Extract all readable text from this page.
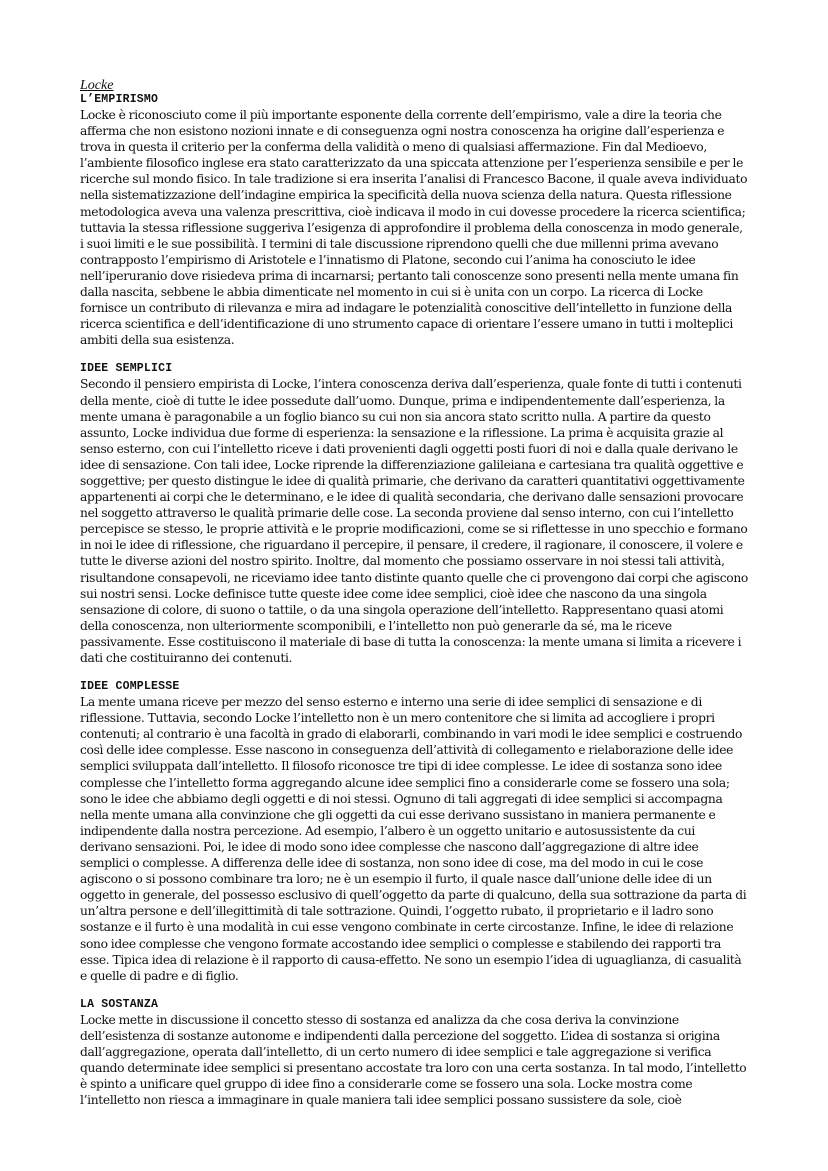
Locke

L’EMPIRISMO

Locke è riconosciuto come il più importante esponente della corrente dell’empirismo, vale a dire la teoria che afferma che non esistono nozioni innate e di conseguenza ogni nostra conoscenza ha origine dall’esperienza e trova in questa il criterio per la conferma della validità o meno di qualsiasi affermazione. Fin dal Medioevo, l’ambiente filosofico inglese era stato caratterizzato da una spiccata attenzione per l’esperienza sensibile e per le ricerche sul mondo fisico. In tale tradizione si era inserita l’analisi di Francesco Bacone, il quale aveva individuato nella sistematizzazione dell’indagine empirica la specificità della nuova scienza della natura. Questa riflessione metodologica aveva una valenza prescrittiva, cioè indicava il modo in cui dovesse procedere la ricerca scientifica; tuttavia la stessa riflessione suggeriva l’esigenza di approfondire il problema della conoscenza in modo generale, i suoi limiti e le sue possibilità. I termini di tale discussione riprendono quelli che due millenni prima avevano contrapposto l’empirismo di Aristotele e l’innatismo di Platone, secondo cui l’anima ha conosciuto le idee nell’iperuranio dove risiedeva prima di incarnarsi; pertanto tali conoscenze sono presenti nella mente umana fin dalla nascita, sebbene le abbia dimenticate nel momento in cui si è unita con un corpo. La ricerca di Locke fornisce un contributo di rilevanza e mira ad indagare le potenzialità conoscitive dell’intelletto in funzione della ricerca scientifica e dell’identificazione di uno strumento capace di orientare l’essere umano in tutti i molteplici ambiti della sua esistenza.

IDEE SEMPLICI

Secondo il pensiero empirista di Locke, l’intera conoscenza deriva dall’esperienza, quale fonte di tutti i contenuti della mente, cioè di tutte le idee possedute dall’uomo. Dunque, prima e indipendentemente dall’esperienza, la mente umana è paragonabile a un foglio bianco su cui non sia ancora stato scritto nulla. A partire da questo assunto, Locke individua due forme di esperienza: la sensazione e la riflessione. La prima è acquisita grazie al senso esterno, con cui l’intelletto riceve i dati provenienti dagli oggetti posti fuori di noi e dalla quale derivano le idee di sensazione. Con tali idee, Locke riprende la differenziazione galileiana e cartesiana tra qualità oggettive e soggettive; per questo distingue le idee di qualità primarie, che derivano da caratteri quantitativi oggettivamente appartenenti ai corpi che le determinano, e le idee di qualità secondaria, che derivano dalle sensazioni provocare nel soggetto attraverso le qualità primarie delle cose. La seconda proviene dal senso interno, con cui l’intelletto percepisce se stesso, le proprie attività e le proprie modificazioni, come se si riflettesse in uno specchio e formano in noi le idee di riflessione, che riguardano il percepire, il pensare, il credere, il ragionare, il conoscere, il volere e tutte le diverse azioni del nostro spirito. Inoltre, dal momento che possiamo osservare in noi stessi tali attività, risultandone consapevoli, ne riceviamo idee tanto distinte quanto quelle che ci provengono dai corpi che agiscono sui nostri sensi. Locke definisce tutte queste idee come idee semplici, cioè idee che nascono da una singola sensazione di colore, di suono o tattile, o da una singola operazione dell’intelletto. Rappresentano quasi atomi della conoscenza, non ulteriormente scomponibili, e l’intelletto non può generarle da sé, ma le riceve passivamente. Esse costituiscono il materiale di base di tutta la conoscenza: la mente umana si limita a ricevere i dati che costituiranno dei contenuti.

IDEE COMPLESSE

La mente umana riceve per mezzo del senso esterno e interno una serie di idee semplici di sensazione e di riflessione. Tuttavia, secondo Locke l’intelletto non è un mero contenitore che si limita ad accogliere i propri contenuti; al contrario è una facoltà in grado di elaborarli, combinando in vari modi le idee semplici e costruendo così delle idee complesse. Esse nascono in conseguenza dell’attività di collegamento e rielaborazione delle idee semplici sviluppata dall’intelletto. Il filosofo riconosce tre tipi di idee complesse. Le idee di sostanza sono idee complesse che l’intelletto forma aggregando alcune idee semplici fino a considerarle come se fossero una sola; sono le idee che abbiamo degli oggetti e di noi stessi. Ognuno di tali aggregati di idee semplici si accompagna nella mente umana alla convinzione che gli oggetti da cui esse derivano sussistano in maniera permanente e indipendente dalla nostra percezione. Ad esempio, l’albero è un oggetto unitario e autosussistente da cui derivano sensazioni. Poi, le idee di modo sono idee complesse che nascono dall’aggregazione di altre idee semplici o complesse. A differenza delle idee di sostanza, non sono idee di cose, ma del modo in cui le cose agiscono o si possono combinare tra loro; ne è un esempio il furto, il quale nasce dall’unione delle idee di un oggetto in generale, del possesso esclusivo di quell’oggetto da parte di qualcuno, della sua sottrazione da parta di un’altra persone e dell’illegittimità di tale sottrazione. Quindi, l’oggetto rubato, il proprietario e il ladro sono sostanze e il furto è una modalità in cui esse vengono combinate in certe circostanze. Infine, le idee di relazione sono idee complesse che vengono formate accostando idee semplici o complesse e stabilendo dei rapporti tra esse. Tipica idea di relazione è il rapporto di causa-effetto. Ne sono un esempio l’idea di uguaglianza, di casualità e quelle di padre e di figlio.

LA SOSTANZA

Locke mette in discussione il concetto stesso di sostanza ed analizza da che cosa deriva la convinzione dell’esistenza di sostanze autonome e indipendenti dalla percezione del soggetto. L’idea di sostanza si origina dall’aggregazione, operata dall’intelletto, di un certo numero di idee semplici e tale aggregazione si verifica quando determinate idee semplici si presentano accostate tra loro con una certa sostanza. In tal modo, l’intelletto è spinto a unificare quel gruppo di idee fino a considerarle come se fossero una sola. Locke mostra come l’intelletto non riesca a immaginare in quale maniera tali idee semplici possano sussistere da sole, cioè
